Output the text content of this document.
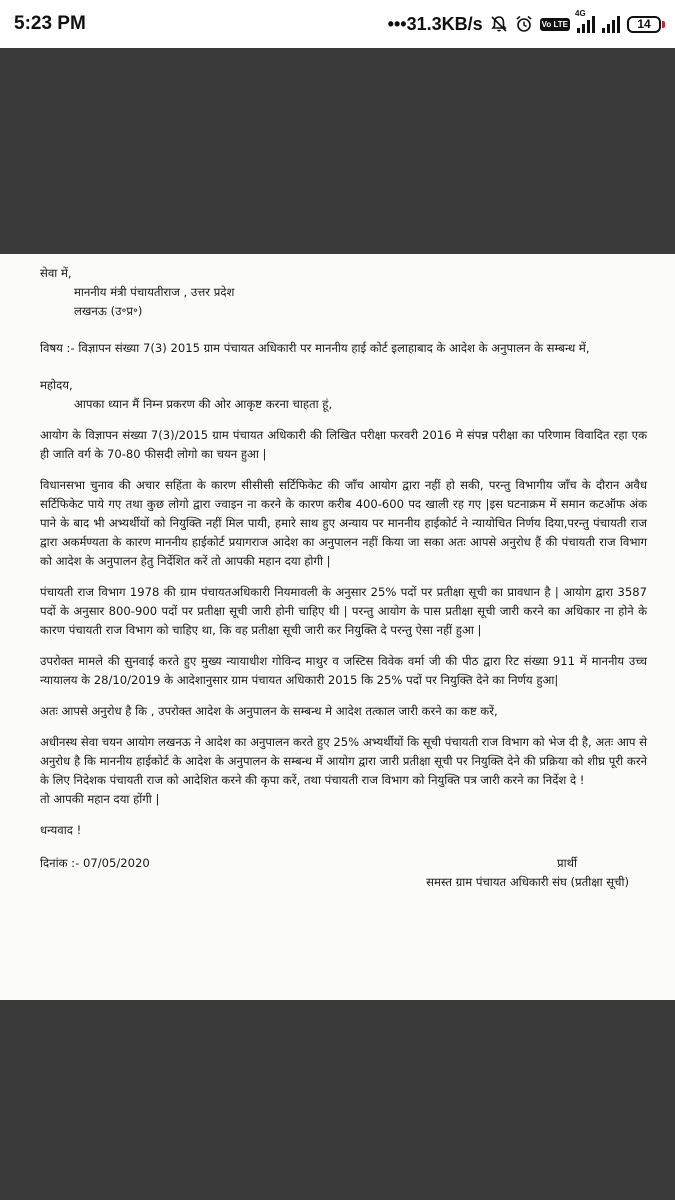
5:23 PM	•••31.3KB/s	Vo LTE
4G
14

सेवा में,

माननीय मंत्री पंचायतीराज , उत्तर प्रदेश

लखनऊ (उ॰प्र॰)

विषय :- विज्ञापन संख्या 7(3) 2015 ग्राम पंचायत अधिकारी पर माननीय हाई कोर्ट इलाहाबाद के आदेश के अनुपालन के सम्बन्ध में,

महोदय,

आपका ध्यान मैं निम्न प्रकरण की ओर आकृष्ट करना चाहता हूं,

आयोग के विज्ञापन संख्या 7(3)/2015 ग्राम पंचायत अधिकारी की लिखित परीक्षा फरवरी 2016 मे संपन्न परीक्षा का परिणाम विवादित रहा एक ही जाति वर्ग के 70-80 फीसदी लोगो का चयन हुआ |

विधानसभा चुनाव की अचार सहिंता के कारण सीसीसी सर्टिफिकेट की जाँच आयोग द्वारा नहीं हो सकी, परन्तु विभागीय जाँच के दौरान अवैध सर्टिफिकेट पाये गए तथा कुछ लोगो द्वारा ज्वाइन ना करने के कारण करीब 400-600 पद खाली रह गए |इस घटनाक्रम में समान कटऑफ अंक पाने के बाद भी अभ्यर्थीयों को नियुक्ति नहीं मिल पायी, हमारे साथ हुए अन्याय पर माननीय हाईकोर्ट ने न्यायोचित निर्णय दिया,परन्तु पंचायती राज द्वारा अकर्मण्यता के कारण माननीय हाईकोर्ट प्रयागराज आदेश का अनुपालन नहीं किया जा सका अतः आपसे अनुरोध हैं की पंचायती राज विभाग को आदेश के अनुपालन हेतु निर्देशित करें तो आपकी महान दया होगी |

पंचायती राज विभाग 1978 की ग्राम पंचायतअधिकारी नियमावली के अनुसार 25% पदों पर प्रतीक्षा सूची का प्रावधान है | आयोग द्वारा 3587 पदों के अनुसार 800-900 पदों पर प्रतीक्षा सूची जारी होनी चाहिए थी | परन्तु आयोग के पास प्रतीक्षा सूची जारी करने का अधिकार ना होने के कारण पंचायती राज विभाग को चाहिए था, कि वह प्रतीक्षा सूची जारी कर नियुक्ति दे परन्तु ऐसा नहीं हुआ |

उपरोक्त मामले की सुनवाई करते हुए मुख्य न्यायाधीश गोविन्द माथुर व जस्टिस विवेक वर्मा जी की पीठ द्वारा रिट संख्या 911 में माननीय उच्च न्यायालय के 28/10/2019 के आदेशानुसार ग्राम पंचायत अधिकारी 2015 कि 25% पदों पर नियुक्ति देने का निर्णय हुआ|

अतः आपसे अनुरोध है कि , उपरोक्त आदेश के अनुपालन के सम्बन्ध मे आदेश तत्काल जारी करने का कष्ट करें,

अधीनस्थ सेवा चयन आयोग लखनऊ ने आदेश का अनुपालन करते हुए 25% अभ्यर्थीयों कि सूची पंचायती राज विभाग को भेज दी है, अतः आप से अनुरोध है कि माननीय हाईकोर्ट के आदेश के अनुपालन के सम्बन्ध में आयोग द्वारा जारी प्रतीक्षा सूची पर नियुक्ति देने की प्रक्रिया को शीघ्र पूरी करने के लिए निदेशक पंचायती राज को आदेशित करने की कृपा करें, तथा पंचायती राज विभाग को नियुक्ति पत्र जारी करने का निर्देश दे !

तो आपकी महान दया होंगी |

धन्यवाद !

दिनांक :- 07/05/2020	प्रार्थी

समस्त ग्राम पंचायत अधिकारी संघ (प्रतीक्षा सूची)
